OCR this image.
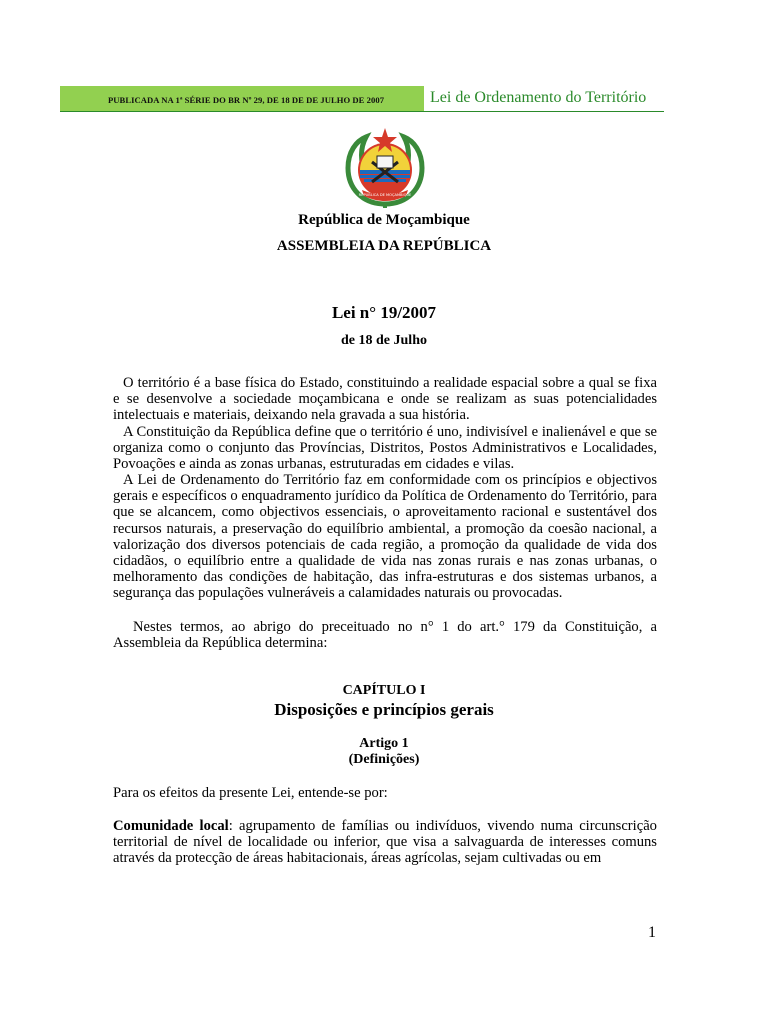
PUBLICADA NA 1ª SÉRIE DO BR Nº 29, DE 18 DE DE JULHO DE 2007	Lei de Ordenamento do Território
REPÚBLICA DE MOÇAMBIQUE
República de Moçambique
ASSEMBLEIA DA REPÚBLICA
Lei n° 19/2007
de 18 de Julho

O território é a base física do Estado, constituindo a realidade espacial sobre a qual se fixa e se desenvolve a sociedade moçambicana e onde se realizam as suas potencialidades intelectuais e materiais, deixando nela gravada a sua história.

A Constituição da República define que o território é uno, indivisível e inalienável e que se organiza como o conjunto das Províncias, Distritos, Postos Administrativos e Localidades, Povoações e ainda as zonas urbanas, estruturadas em cidades e vilas.

A Lei de Ordenamento do Território faz em conformidade com os princípios e objectivos gerais e específicos o enquadramento jurídico da Política de Ordenamento do Território, para que se alcancem, como objectivos essenciais, o aproveitamento racional e sustentável dos recursos naturais, a preservação do equilíbrio ambiental, a promoção da coesão nacional, a valorização dos diversos potenciais de cada região, a promoção da qualidade de vida dos cidadãos, o equilíbrio entre a qualidade de vida nas zonas rurais e nas zonas urbanas, o melhoramento das condições de habitação, das infra-estruturas e dos sistemas urbanos, a segurança das populações vulneráveis a calamidades naturais ou provocadas.

Nestes termos, ao abrigo do preceituado no n° 1 do art.° 179 da Constituição, a Assembleia da República determina:

CAPÍTULO I
Disposições e princípios gerais
Artigo 1
(Definições)

Para os efeitos da presente Lei, entende-se por:

Comunidade local: agrupamento de famílias ou indivíduos, vivendo numa circunscrição territorial de nível de localidade ou inferior, que visa a salvaguarda de interesses comuns através da protecção de áreas habitacionais, áreas agrícolas, sejam cultivadas ou em

1
